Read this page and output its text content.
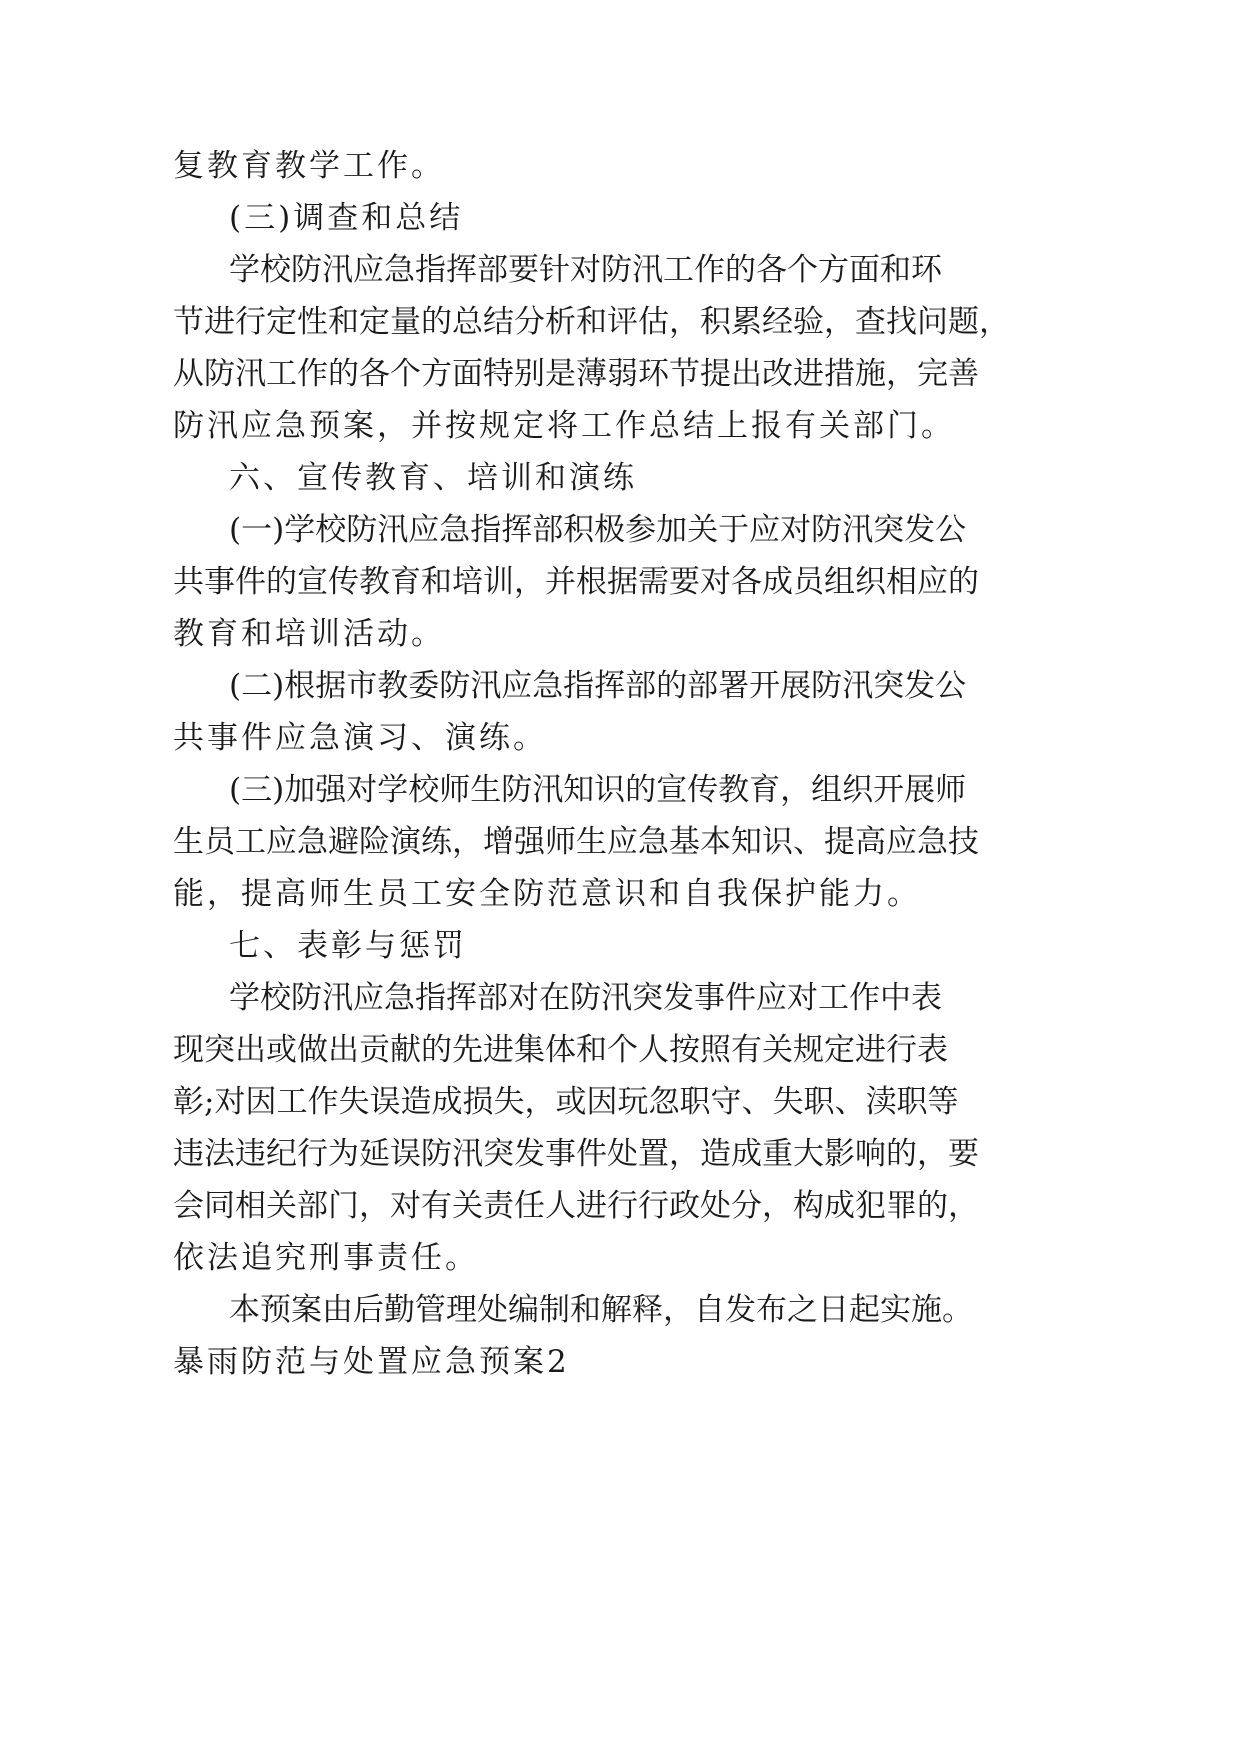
复教育教学工作。
(三)调查和总结
学校防汛应急指挥部要针对防汛工作的各个方面和环
节进行定性和定量的总结分析和评估，积累经验，查找问题，
从防汛工作的各个方面特别是薄弱环节提出改进措施，完善
防汛应急预案，并按规定将工作总结上报有关部门。
六、宣传教育、培训和演练
(一)学校防汛应急指挥部积极参加关于应对防汛突发公
共事件的宣传教育和培训，并根据需要对各成员组织相应的
教育和培训活动。
(二)根据市教委防汛应急指挥部的部署开展防汛突发公
共事件应急演习、演练。
(三)加强对学校师生防汛知识的宣传教育，组织开展师
生员工应急避险演练，增强师生应急基本知识、提高应急技
能，提高师生员工安全防范意识和自我保护能力。
七、表彰与惩罚
学校防汛应急指挥部对在防汛突发事件应对工作中表
现突出或做出贡献的先进集体和个人按照有关规定进行表
彰;对因工作失误造成损失，或因玩忽职守、失职、渎职等
违法违纪行为延误防汛突发事件处置，造成重大影响的，要
会同相关部门，对有关责任人进行行政处分，构成犯罪的，
依法追究刑事责任。
本预案由后勤管理处编制和解释，自发布之日起实施。
暴雨防范与处置应急预案2
